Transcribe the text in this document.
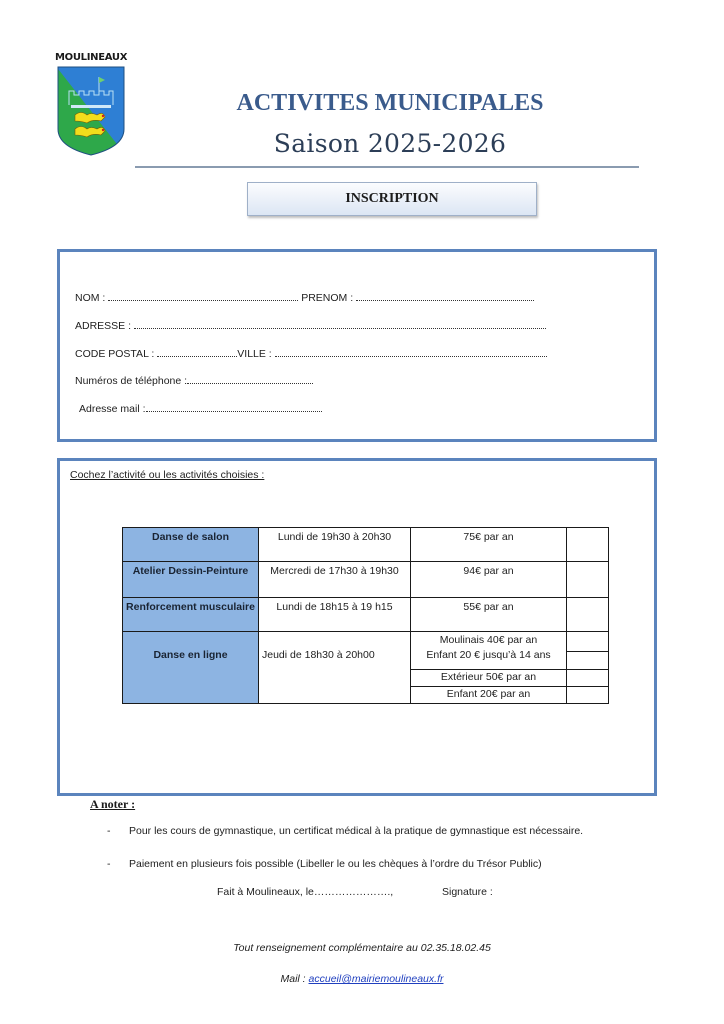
MOULINEAUX
ACTIVITES MUNICIPALES
Saison 2025-2026
INSCRIPTION
NOM :	PRENOM :
ADRESSE :
CODE POSTAL :	VILLE :
Numéros de téléphone :
Adresse mail :
Cochez l’activité ou les activités choisies :
Danse de salon	Lundi de 19h30 à 20h30	75€ par an	
Atelier Dessin-Peinture	Mercredi de 17h30 à 19h30	94€ par an	
Renforcement musculaire	Lundi de 18h15 à 19 h15	55€ par an	
Danse en ligne	Jeudi de 18h30 à 20h00	Moulinais 40€ par an
Enfant 20 € jusqu’à 14 ans	

		Extérieur 50€ par an	
		Enfant 20€ par an	
A noter :
- Pour les cours de gymnastique, un certificat médical à la pratique de gymnastique est nécessaire.
- Paiement en plusieurs fois possible (Libeller le ou les chèques à l’ordre du Trésor Public)
Fait à Moulineaux, le………………….,	Signature :
Tout renseignement complémentaire au 02.35.18.02.45
Mail : accueil@mairiemoulineaux.fr
